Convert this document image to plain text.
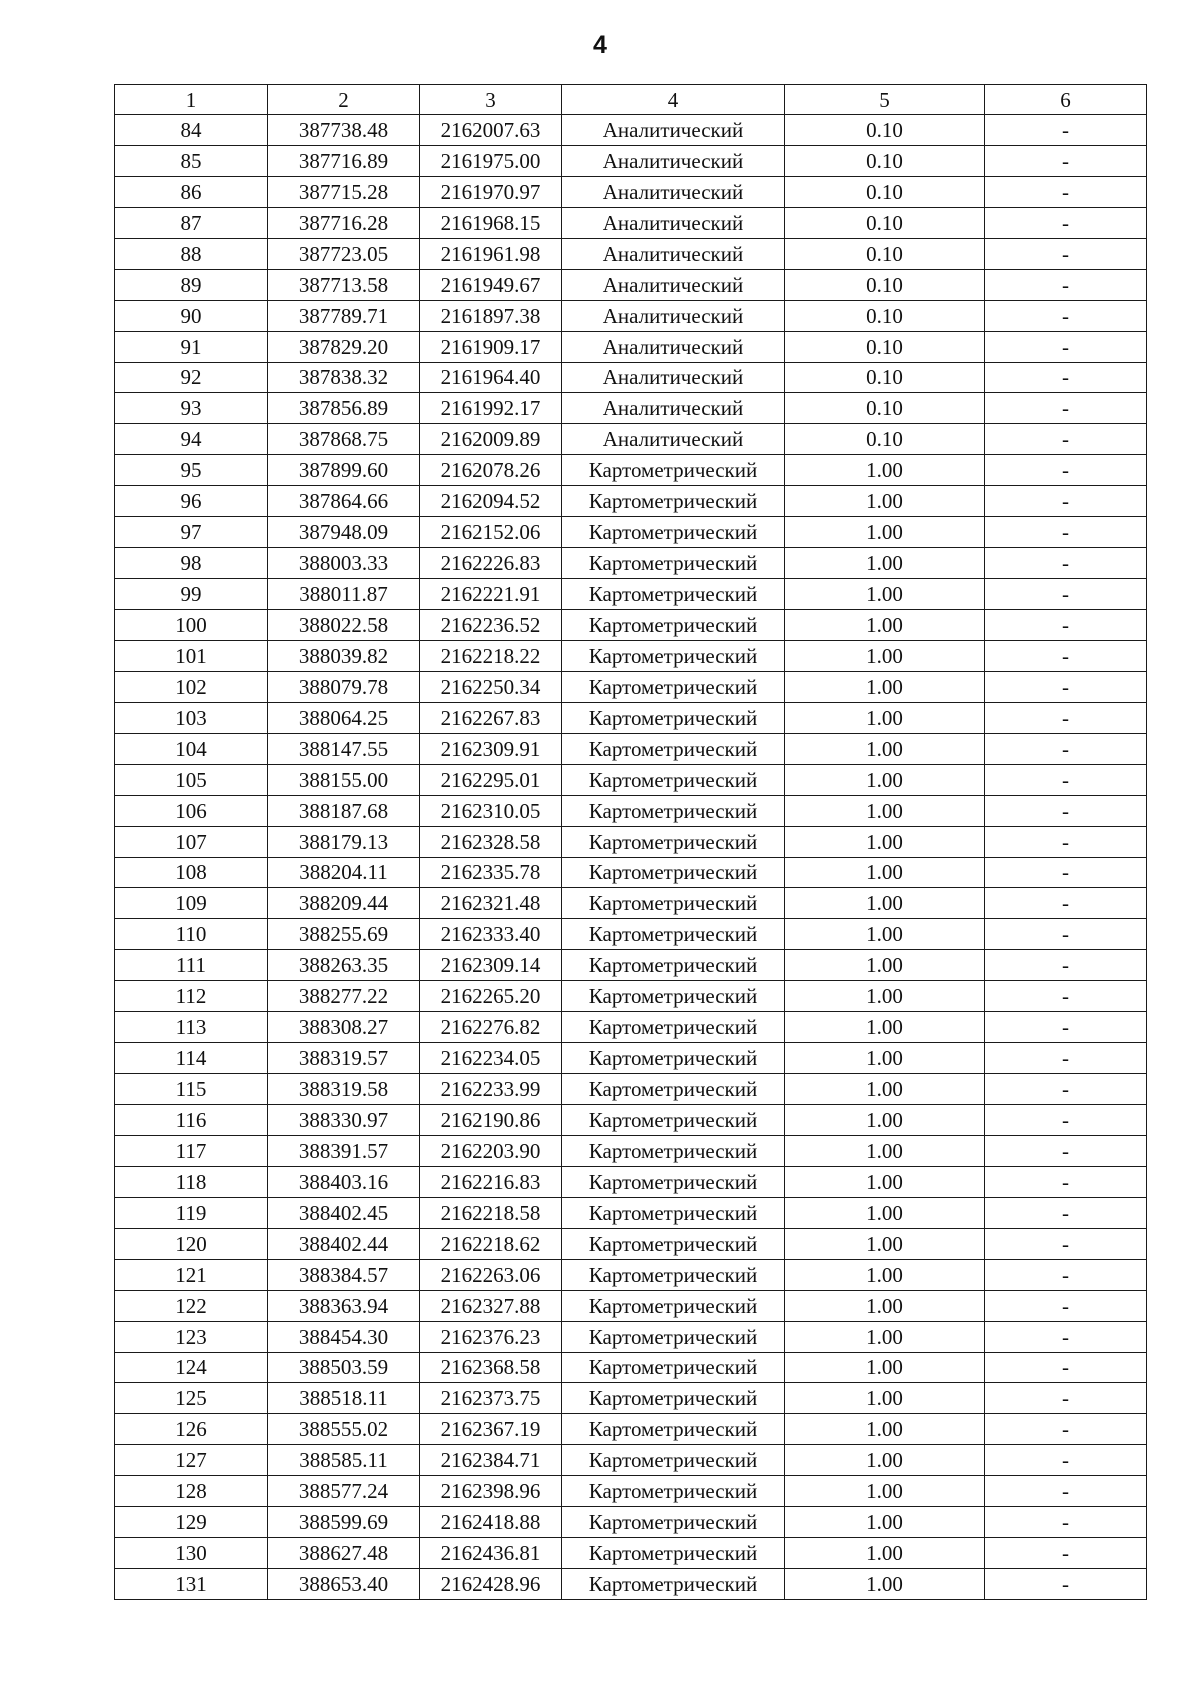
4
1	2	3	4	5	6
84	387738.48	2162007.63	Аналитический	0.10	-
85	387716.89	2161975.00	Аналитический	0.10	-
86	387715.28	2161970.97	Аналитический	0.10	-
87	387716.28	2161968.15	Аналитический	0.10	-
88	387723.05	2161961.98	Аналитический	0.10	-
89	387713.58	2161949.67	Аналитический	0.10	-
90	387789.71	2161897.38	Аналитический	0.10	-
91	387829.20	2161909.17	Аналитический	0.10	-
92	387838.32	2161964.40	Аналитический	0.10	-
93	387856.89	2161992.17	Аналитический	0.10	-
94	387868.75	2162009.89	Аналитический	0.10	-
95	387899.60	2162078.26	Картометрический	1.00	-
96	387864.66	2162094.52	Картометрический	1.00	-
97	387948.09	2162152.06	Картометрический	1.00	-
98	388003.33	2162226.83	Картометрический	1.00	-
99	388011.87	2162221.91	Картометрический	1.00	-
100	388022.58	2162236.52	Картометрический	1.00	-
101	388039.82	2162218.22	Картометрический	1.00	-
102	388079.78	2162250.34	Картометрический	1.00	-
103	388064.25	2162267.83	Картометрический	1.00	-
104	388147.55	2162309.91	Картометрический	1.00	-
105	388155.00	2162295.01	Картометрический	1.00	-
106	388187.68	2162310.05	Картометрический	1.00	-
107	388179.13	2162328.58	Картометрический	1.00	-
108	388204.11	2162335.78	Картометрический	1.00	-
109	388209.44	2162321.48	Картометрический	1.00	-
110	388255.69	2162333.40	Картометрический	1.00	-
111	388263.35	2162309.14	Картометрический	1.00	-
112	388277.22	2162265.20	Картометрический	1.00	-
113	388308.27	2162276.82	Картометрический	1.00	-
114	388319.57	2162234.05	Картометрический	1.00	-
115	388319.58	2162233.99	Картометрический	1.00	-
116	388330.97	2162190.86	Картометрический	1.00	-
117	388391.57	2162203.90	Картометрический	1.00	-
118	388403.16	2162216.83	Картометрический	1.00	-
119	388402.45	2162218.58	Картометрический	1.00	-
120	388402.44	2162218.62	Картометрический	1.00	-
121	388384.57	2162263.06	Картометрический	1.00	-
122	388363.94	2162327.88	Картометрический	1.00	-
123	388454.30	2162376.23	Картометрический	1.00	-
124	388503.59	2162368.58	Картометрический	1.00	-
125	388518.11	2162373.75	Картометрический	1.00	-
126	388555.02	2162367.19	Картометрический	1.00	-
127	388585.11	2162384.71	Картометрический	1.00	-
128	388577.24	2162398.96	Картометрический	1.00	-
129	388599.69	2162418.88	Картометрический	1.00	-
130	388627.48	2162436.81	Картометрический	1.00	-
131	388653.40	2162428.96	Картометрический	1.00	-
